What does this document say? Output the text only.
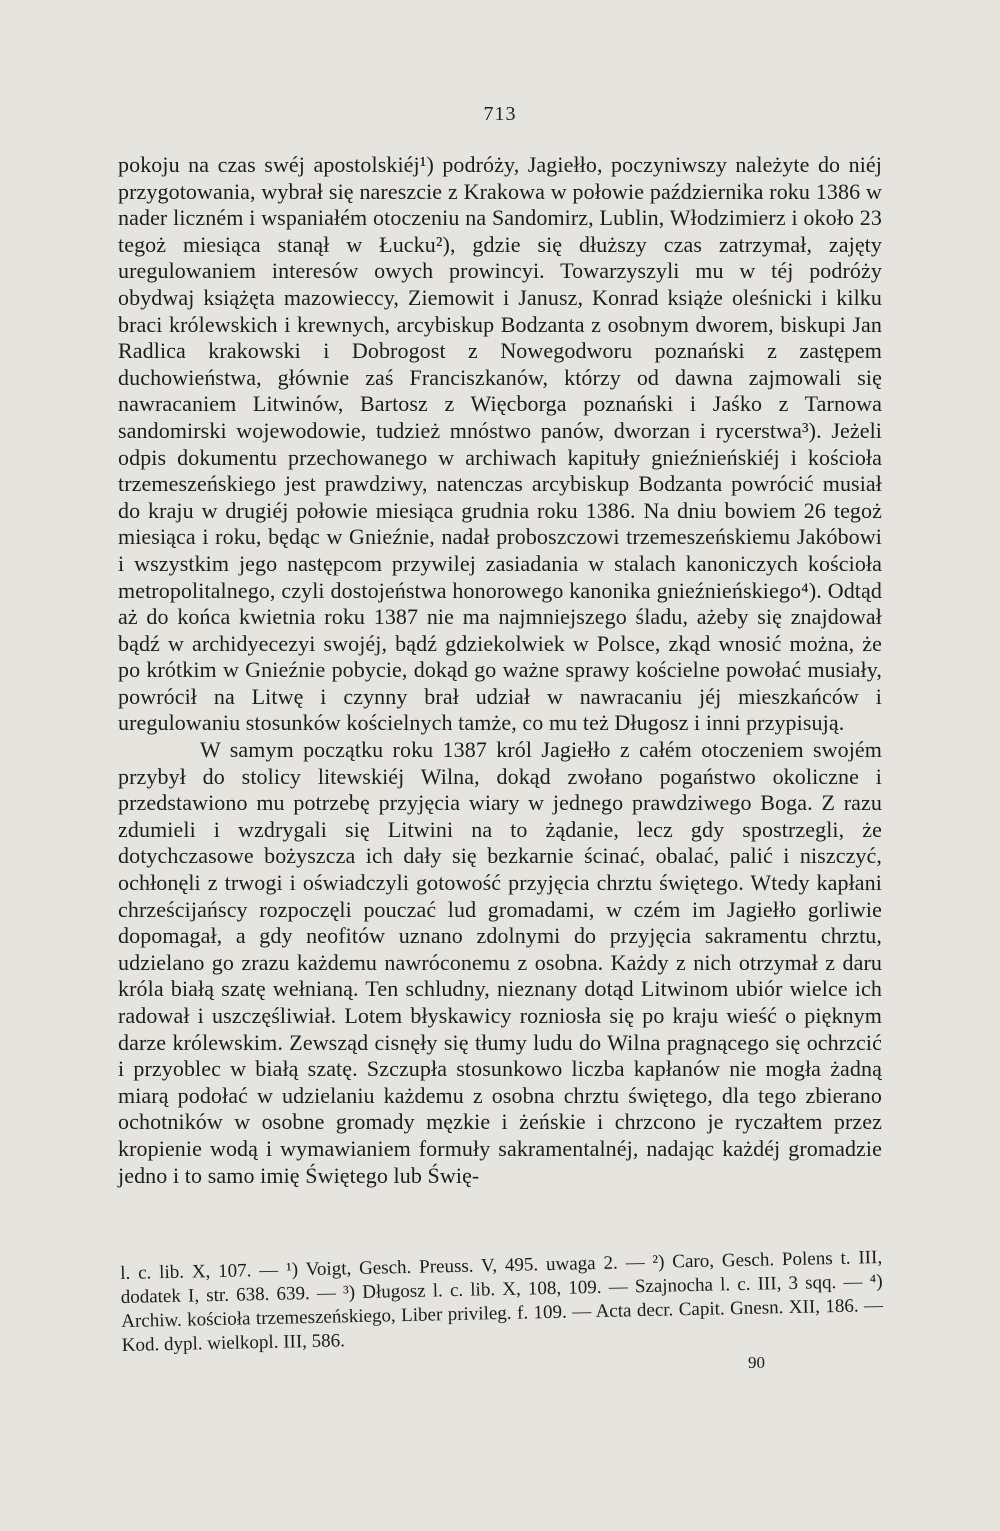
713

pokoju na czas swéj apostolskiéj¹) podróży, Jagiełło, poczyniwszy należyte do niéj przygotowania, wybrał się nareszcie z Krakowa w połowie października roku 1386 w nader liczném i wspaniałém otoczeniu na Sandomirz, Lublin, Włodzimierz i około 23 tegoż miesiąca stanął w Łucku²), gdzie się dłuższy czas zatrzymał, zajęty uregulowaniem interesów owych prowincyi. Towarzyszyli mu w téj podróży obydwaj książęta mazowieccy, Ziemowit i Janusz, Konrad książe oleśnicki i kilku braci królewskich i krewnych, arcybiskup Bodzanta z osobnym dworem, biskupi Jan Radlica krakowski i Dobrogost z Nowegodworu poznański z zastępem duchowieństwa, głównie zaś Franciszkanów, którzy od dawna zajmowali się nawracaniem Litwinów, Bartosz z Więcborga poznański i Jaśko z Tarnowa sandomirski wojewodowie, tudzież mnóstwo panów, dworzan i rycerstwa³). Jeżeli odpis dokumentu przechowanego w archiwach kapituły gnieźnieńskiéj i kościoła trzemeszeńskiego jest prawdziwy, natenczas arcybiskup Bodzanta powrócić musiał do kraju w drugiéj połowie miesiąca grudnia roku 1386. Na dniu bowiem 26 tegoż miesiąca i roku, będąc w Gnieźnie, nadał proboszczowi trzemeszeńskiemu Jakóbowi i wszystkim jego następcom przywilej zasiadania w stalach kanoniczych kościoła metropolitalnego, czyli dostojeństwa honorowego kanonika gnieźnieńskiego⁴). Odtąd aż do końca kwietnia roku 1387 nie ma najmniejszego śladu, ażeby się znajdował bądź w archidyecezyi swojéj, bądź gdziekolwiek w Polsce, zkąd wnosić można, że po krótkim w Gnieźnie pobycie, dokąd go ważne sprawy kościelne powołać musiały, powrócił na Litwę i czynny brał udział w nawracaniu jéj mieszkańców i uregulowaniu stosunków kościelnych tamże, co mu też Długosz i inni przypisują.

W samym początku roku 1387 król Jagiełło z całém otoczeniem swojém przybył do stolicy litewskiéj Wilna, dokąd zwołano pogaństwo okoliczne i przedstawiono mu potrzebę przyjęcia wiary w jednego prawdziwego Boga. Z razu zdumieli i wzdrygali się Litwini na to żądanie, lecz gdy spostrzegli, że dotychczasowe bożyszcza ich dały się bezkarnie ścinać, obalać, palić i niszczyć, ochłonęli z trwogi i oświadczyli gotowość przyjęcia chrztu świętego. Wtedy kapłani chrześcijańscy rozpoczęli pouczać lud gromadami, w czém im Jagiełło gorliwie dopomagał, a gdy neofitów uznano zdolnymi do przyjęcia sakramentu chrztu, udzielano go zrazu każdemu nawróconemu z osobna. Każdy z nich otrzymał z daru króla białą szatę wełnianą. Ten schludny, nieznany dotąd Litwinom ubiór wielce ich radował i uszczęśliwiał. Lotem błyskawicy rozniosła się po kraju wieść o pięknym darze królewskim. Zewsząd cisnęły się tłumy ludu do Wilna pragnącego się ochrzcić i przyoblec w białą szatę. Szczupła stosunkowo liczba kapłanów nie mogła żadną miarą podołać w udzielaniu każdemu z osobna chrztu świętego, dla tego zbierano ochotników w osobne gromady męzkie i żeńskie i chrzcono je ryczałtem przez kropienie wodą i wymawianiem formuły sakramentalnéj, nadając każdéj gromadzie jedno i to samo imię Świętego lub Świę-

l. c. lib. X, 107. — ¹) Voigt, Gesch. Preuss. V, 495. uwaga 2. — ²) Caro, Gesch. Polens t. III, dodatek I, str. 638. 639. — ³) Długosz l. c. lib. X, 108, 109. — Szajnocha l. c. III, 3 sqq. — ⁴) Archiw. kościoła trzemeszeńskiego, Liber privileg. f. 109. — Acta decr. Capit. Gnesn. XII, 186. — Kod. dypl. wielkopl. III, 586.
90
